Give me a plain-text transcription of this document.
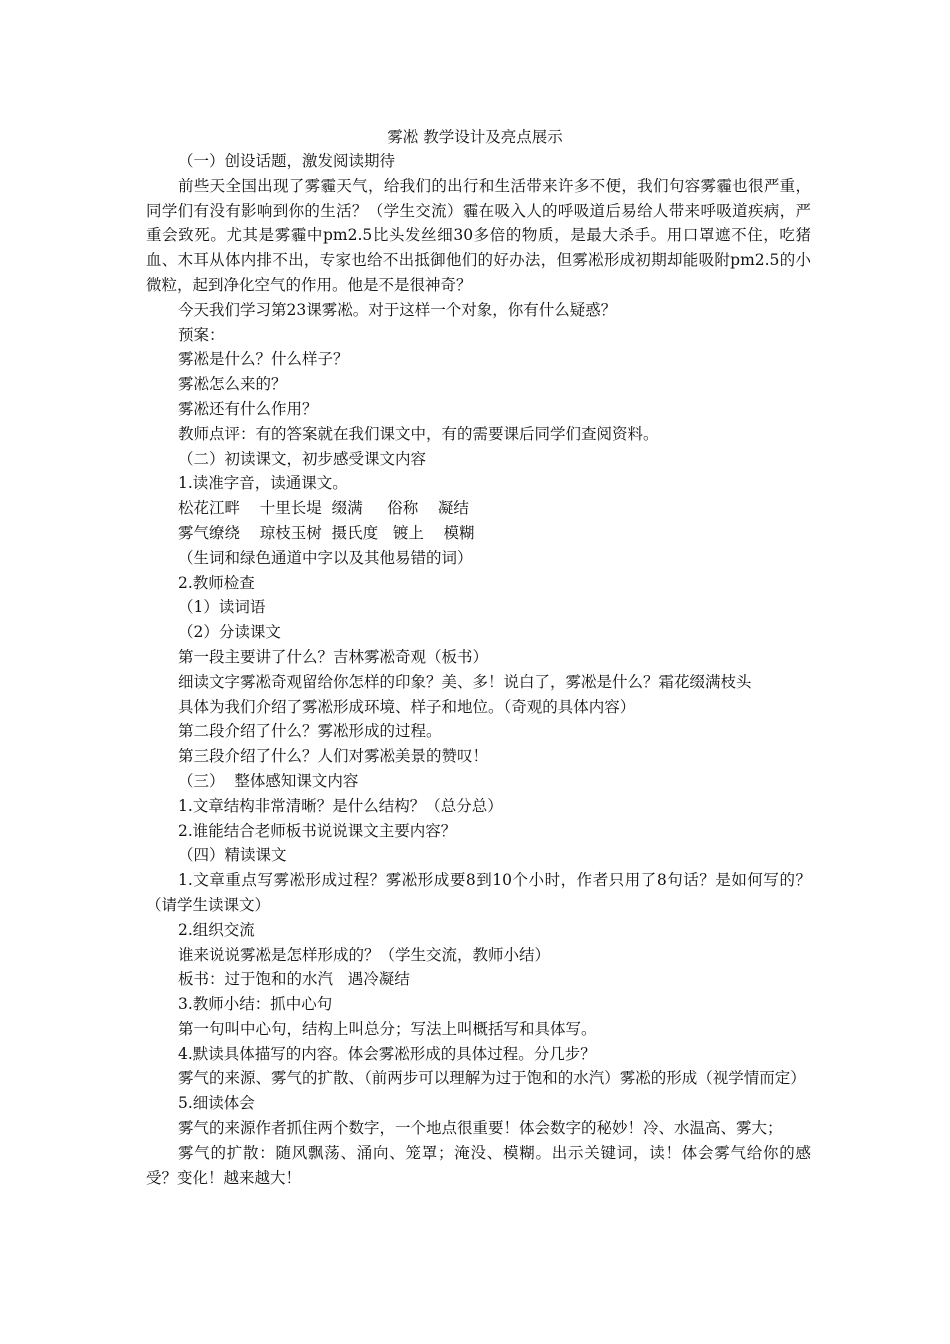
雾凇 教学设计及亮点展示

（一）创设话题，激发阅读期待

前些天全国出现了雾霾天气，给我们的出行和生活带来许多不便，我们句容雾霾也很严重，同学们有没有影响到你的生活？（学生交流）霾在吸入人的呼吸道后易给人带来呼吸道疾病，严重会致死。尤其是雾霾中pm2.5比头发丝细30多倍的物质，是最大杀手。用口罩遮不住，吃猪血、木耳从体内排不出，专家也给不出抵御他们的好办法，但雾凇形成初期却能吸附pm2.5的小微粒，起到净化空气的作用。他是不是很神奇？

今天我们学习第23课雾凇。对于这样一个对象，你有什么疑惑？

预案：

雾凇是什么？什么样子？

雾凇怎么来的？

雾凇还有什么作用？

教师点评：有的答案就在我们课文中，有的需要课后同学们查阅资料。

（二）初读课文，初步感受课文内容

1.读准字音，读通课文。

松花江畔    十里长堤  缀满     俗称    凝结

雾气缭绕    琼枝玉树  摄氏度   镀上    模糊

（生词和绿色通道中字以及其他易错的词）

2.教师检查

（1）读词语

（2）分读课文

第一段主要讲了什么？吉林雾凇奇观（板书）

细读文字雾凇奇观留给你怎样的印象？美、多！说白了，雾凇是什么？霜花缀满枝头

具体为我们介绍了雾凇形成环境、样子和地位。（奇观的具体内容）

第二段介绍了什么？雾凇形成的过程。

第三段介绍了什么？人们对雾凇美景的赞叹！

（三）  整体感知课文内容

1.文章结构非常清晰？是什么结构？（总分总）

2.谁能结合老师板书说说课文主要内容？

（四）精读课文

1.文章重点写雾凇形成过程？雾凇形成要8到10个小时，作者只用了8句话？是如何写的？（请学生读课文）

2.组织交流

谁来说说雾凇是怎样形成的？（学生交流，教师小结）

板书：过于饱和的水汽   遇冷凝结

3.教师小结：抓中心句

第一句叫中心句，结构上叫总分；写法上叫概括写和具体写。

4.默读具体描写的内容。体会雾凇形成的具体过程。分几步？

雾气的来源、雾气的扩散、（前两步可以理解为过于饱和的水汽）雾凇的形成（视学情而定）

5.细读体会

雾气的来源作者抓住两个数字，一个地点很重要！体会数字的秘妙！冷、水温高、雾大；

雾气的扩散：随风飘荡、涌向、笼罩；淹没、模糊。出示关键词，读！体会雾气给你的感受？变化！越来越大！
